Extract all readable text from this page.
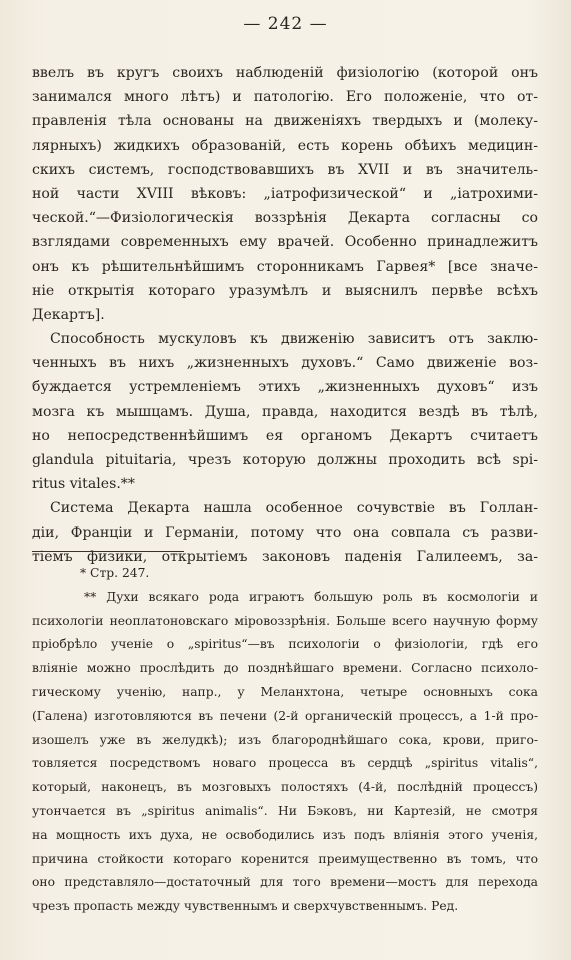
— 242 —
ввелъ въ кругъ своихъ наблюденій физіологію (которой онъ
занимался много лѣтъ) и патологію. Его положеніе, что от-
правленія тѣла основаны на движеніяхъ твердыхъ и (молеку-
лярныхъ) жидкихъ образованій, есть корень обѣихъ медицин-
скихъ системъ, господствовавшихъ въ XVII и въ значитель-
ной части XVIII вѣковъ: „іатрофизической“ и „іатрохими-
ческой.“—Физіологическія воззрѣнія Декарта согласны со
взглядами современныхъ ему врачей. Особенно принадлежитъ
онъ къ рѣшительнѣйшимъ сторонникамъ Гарвея* [все значе-
ніе открытія котораго уразумѣлъ и выяснилъ первѣе всѣхъ
Декартъ].
Способность мускуловъ къ движенію зависитъ отъ заклю-
ченныхъ въ нихъ „жизненныхъ духовъ.“ Само движеніе воз-
буждается устремленіемъ этихъ „жизненныхъ духовъ“ изъ
мозга къ мышцамъ. Душа, правда, находится вездѣ въ тѣлѣ,
но непосредственнѣйшимъ ея органомъ Декартъ считаетъ
glandula pituitaria, чрезъ которую должны проходить всѣ spi-
ritus vitales.**
Система Декарта нашла особенное сочувствіе въ Голлан-
діи, Франціи и Германіи, потому что она совпала съ разви-
тіемъ физики, открытіемъ законовъ паденія Галилеемъ, за-
* Стр. 247.
** Духи всякаго рода играютъ большую роль въ космологіи и
психологіи неоплатоновскаго міровоззрѣнія. Больше всего научную форму
пріобрѣло ученіе о „spiritus“—въ психологіи о физіологіи, гдѣ его
вліяніе можно прослѣдить до позднѣйшаго времени. Согласно психоло-
гическому ученію, напр., у Меланхтона, четыре основныхъ сока
(Галена) изготовляются въ печени (2-й органическій процессъ, а 1-й про-
изошелъ уже въ желудкѣ); изъ благороднѣйшаго сока, крови, приго-
товляется посредствомъ новаго процесса въ сердцѣ „spiritus vitalis“,
который, наконецъ, въ мозговыхъ полостяхъ (4-й, послѣдній процессъ)
утончается въ „spiritus animalis“. Ни Бэковъ, ни Картезій, не смотря
на мощность ихъ духа, не освободились изъ подъ вліянія этого ученія,
причина стойкости котораго коренится преимущественно въ томъ, что
оно представляло—достаточный для того времени—мостъ для перехода
чрезъ пропасть между чувственнымъ и сверхчувственнымъ. Ред.
